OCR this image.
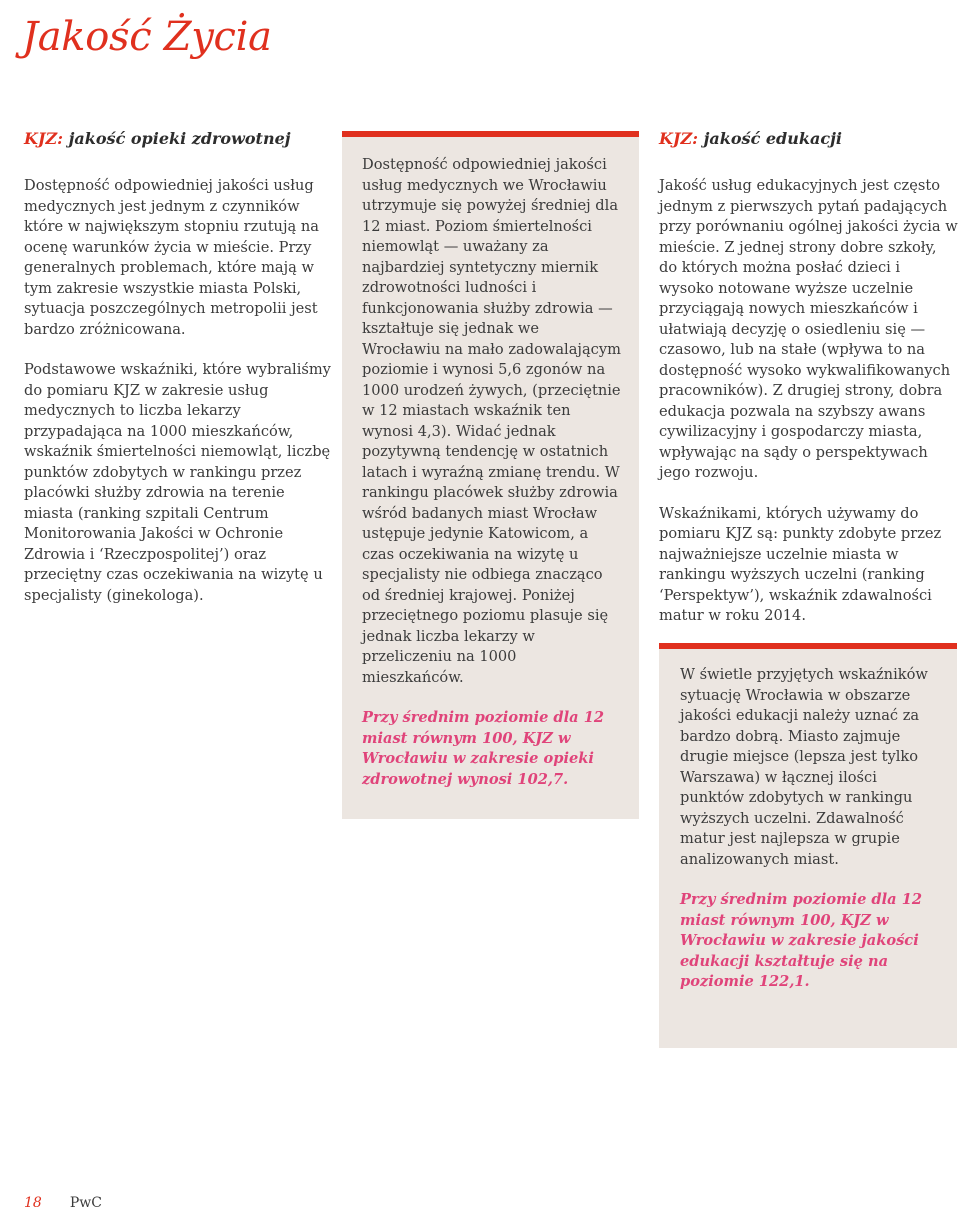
Jakość Życia
KJZ: jakość opieki zdrowotnej

Dostępność odpowiedniej jakości usług medycznych jest jednym z czynników które w największym stopniu rzutują na ocenę warunków życia w mieście. Przy generalnych problemach, które mają w tym zakresie wszystkie miasta Polski, sytuacja poszczególnych metropolii jest bardzo zróżnicowana.

Podstawowe wskaźniki, które wybraliśmy do pomiaru KJZ w zakresie usług medycznych to liczba lekarzy przypadająca na 1000 mieszkańców, wskaźnik śmiertelności niemowląt, liczbę punktów zdobytych w rankingu przez placówki służby zdrowia na terenie miasta (ranking szpitali Centrum Monitorowania Jakości w Ochronie Zdrowia i ‘Rzeczpospolitej’) oraz przeciętny czas oczekiwania na wizytę u specjalisty (ginekologa).

Dostępność odpowiedniej jakości usług medycznych we Wrocławiu utrzymuje się powyżej średniej dla 12 miast. Poziom śmiertelności niemowląt — uważany za najbardziej syntetyczny miernik zdrowotności ludności i funkcjonowania służby zdrowia — kształtuje się jednak we Wrocławiu na mało zadowalającym poziomie i wynosi 5,6 zgonów na 1000 urodzeń żywych, (przeciętnie w 12 miastach wskaźnik ten wynosi 4,3). Widać jednak pozytywną tendencję w ostatnich latach i wyraźną zmianę trendu. W rankingu placówek służby zdrowia wśród badanych miast Wrocław ustępuje jedynie Katowicom, a czas oczekiwania na wizytę u specjalisty nie odbiega znacząco od średniej krajowej. Poniżej przeciętnego poziomu plasuje się jednak liczba lekarzy w przeliczeniu na 1000 mieszkańców.

Przy średnim poziomie dla 12 miast równym 100, KJZ w Wrocławiu w zakresie opieki zdrowotnej wynosi 102,7.

KJZ: jakość edukacji

Jakość usług edukacyjnych jest często jednym z pierwszych pytań padających przy porównaniu ogólnej jakości życia w mieście. Z jednej strony dobre szkoły, do których można posłać dzieci i wysoko notowane wyższe uczelnie przyciągają nowych mieszkańców i ułatwiają decyzję o osiedleniu się — czasowo, lub na stałe (wpływa to na dostępność wysoko wykwalifikowanych pracowników). Z drugiej strony, dobra edukacja pozwala na szybszy awans cywilizacyjny i gospodarczy miasta, wpływając na sądy o perspektywach jego rozwoju.

Wskaźnikami, których używamy do pomiaru KJZ są: punkty zdobyte przez najważniejsze uczelnie miasta w rankingu wyższych uczelni (ranking ‘Perspektyw’), wskaźnik zdawalności matur w roku 2014.

W świetle przyjętych wskaźników sytuację Wrocławia w obszarze jakości edukacji należy uznać za bardzo dobrą. Miasto zajmuje drugie miejsce (lepsza jest tylko Warszawa) w łącznej ilości punktów zdobytych w rankingu wyższych uczelni. Zdawalność matur jest najlepsza w grupie analizowanych miast.

Przy średnim poziomie dla 12 miast równym 100, KJZ w Wrocławiu w zakresie jakości edukacji kształtuje się na poziomie 122,1.

18 PwC
